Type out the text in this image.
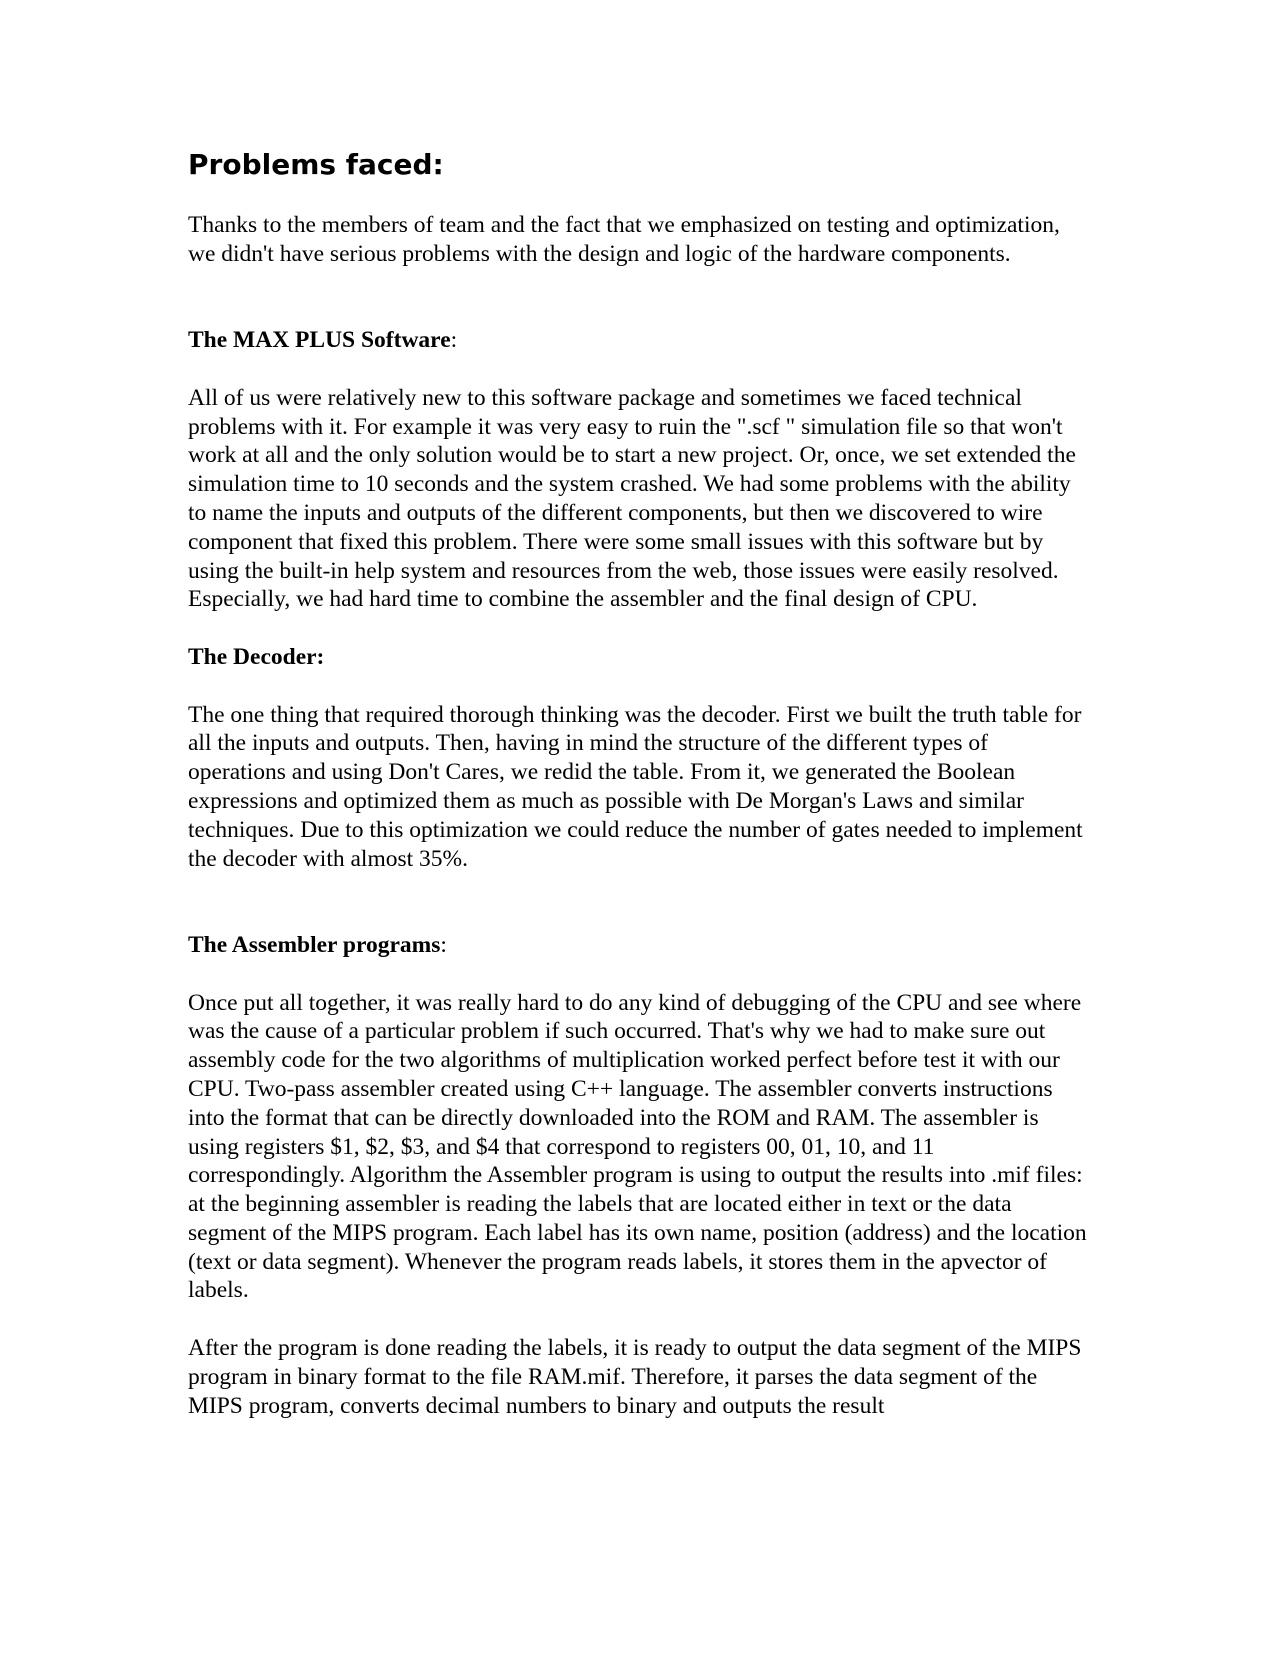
Problems faced:

Thanks to the members of team and the fact that we emphasized on testing and optimization, we didn't have serious problems with the design and logic of the hardware components.

The MAX PLUS Software:

All of us were relatively new to this software package and sometimes we faced technical problems with it. For example it was very easy to ruin the ".scf " simulation file so that won't work at all and the only solution would be to start a new project. Or, once, we set extended the simulation time to 10 seconds and the system crashed. We had some problems with the ability to name the inputs and outputs of the different components, but then we discovered to wire component that fixed this problem. There were some small issues with this software but by using the built-in help system and resources from the web, those issues were easily resolved. Especially, we had hard time to combine the assembler and the final design of CPU.

The Decoder:

The one thing that required thorough thinking was the decoder. First we built the truth table for all the inputs and outputs. Then, having in mind the structure of the different types of operations and using Don't Cares, we redid the table. From it, we generated the Boolean expressions and optimized them as much as possible with De Morgan's Laws and similar techniques. Due to this optimization we could reduce the number of gates needed to implement the decoder with almost 35%.

The Assembler programs:

Once put all together, it was really hard to do any kind of debugging of the CPU and see where was the cause of a particular problem if such occurred. That's why we had to make sure out assembly code for the two algorithms of multiplication worked perfect before test it with our CPU. Two-pass assembler created using C++ language. The assembler converts instructions into the format that can be directly downloaded into the ROM and RAM. The assembler is using registers $1, $2, $3, and $4 that correspond to registers 00, 01, 10, and 11 correspondingly. Algorithm the Assembler program is using to output the results into .mif files: at the beginning assembler is reading the labels that are located either in text or the data segment of the MIPS program. Each label has its own name, position (address) and the location (text or data segment). Whenever the program reads labels, it stores them in the apvector of labels.

After the program is done reading the labels, it is ready to output the data segment of the MIPS program in binary format to the file RAM.mif. Therefore, it parses the data segment of the MIPS program, converts decimal numbers to binary and outputs the result
